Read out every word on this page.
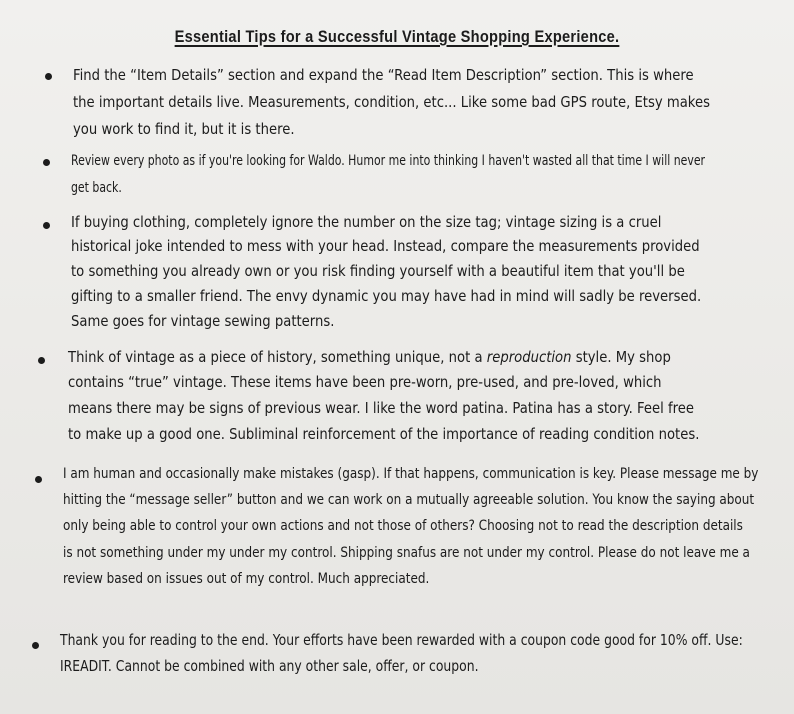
Essential Tips for a Successful Vintage Shopping Experience.
Find the “Item Details” section and expand the “Read Item Description” section. This is where
the important details live. Measurements, condition, etc... Like some bad GPS route, Etsy makes
you work to find it, but it is there.
Review every photo as if you're looking for Waldo. Humor me into thinking I haven't wasted all that time I will never
get back.
If buying clothing, completely ignore the number on the size tag; vintage sizing is a cruel
historical joke intended to mess with your head. Instead, compare the measurements provided
to something you already own or you risk finding yourself with a beautiful item that you'll be
gifting to a smaller friend. The envy dynamic you may have had in mind will sadly be reversed.
Same goes for vintage sewing patterns.
Think of vintage as a piece of history, something unique, not a reproduction style. My shop
contains “true” vintage. These items have been pre-worn, pre-used, and pre-loved, which
means there may be signs of previous wear. I like the word patina. Patina has a story. Feel free
to make up a good one. Subliminal reinforcement of the importance of reading condition notes.
I am human and occasionally make mistakes (gasp). If that happens, communication is key. Please message me by
hitting the “message seller” button and we can work on a mutually agreeable solution. You know the saying about
only being able to control your own actions and not those of others? Choosing not to read the description details
is not something under my under my control. Shipping snafus are not under my control. Please do not leave me a
review based on issues out of my control. Much appreciated.
Thank you for reading to the end. Your efforts have been rewarded with a coupon code good for 10% off. Use:
IREADIT. Cannot be combined with any other sale, offer, or coupon.
